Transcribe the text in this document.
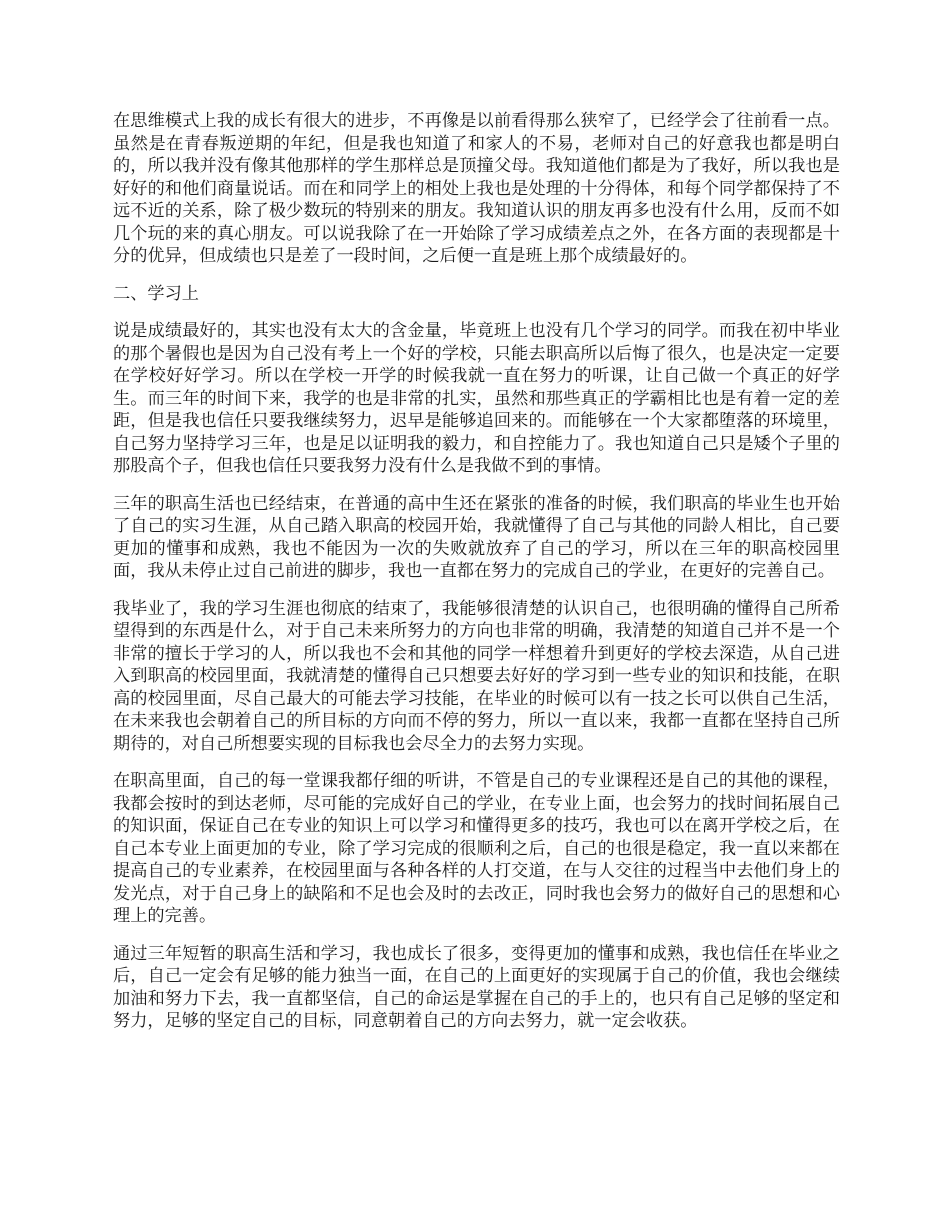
在思维模式上我的成长有很大的进步，不再像是以前看得那么狭窄了，已经学会了往前看一点。虽然是在青春叛逆期的年纪，但是我也知道了和家人的不易，老师对自己的好意我也都是明白的，所以我并没有像其他那样的学生那样总是顶撞父母。我知道他们都是为了我好，所以我也是好好的和他们商量说话。而在和同学上的相处上我也是处理的十分得体，和每个同学都保持了不远不近的关系，除了极少数玩的特别来的朋友。我知道认识的朋友再多也没有什么用，反而不如几个玩的来的真心朋友。可以说我除了在一开始除了学习成绩差点之外，在各方面的表现都是十分的优异，但成绩也只是差了一段时间，之后便一直是班上那个成绩最好的。

二、学习上

说是成绩最好的，其实也没有太大的含金量，毕竟班上也没有几个学习的同学。而我在初中毕业的那个暑假也是因为自己没有考上一个好的学校，只能去职高所以后悔了很久，也是决定一定要在学校好好学习。所以在学校一开学的时候我就一直在努力的听课，让自己做一个真正的好学生。而三年的时间下来，我学的也是非常的扎实，虽然和那些真正的学霸相比也是有着一定的差距，但是我也信任只要我继续努力，迟早是能够追回来的。而能够在一个大家都堕落的环境里，自己努力坚持学习三年，也是足以证明我的毅力，和自控能力了。我也知道自己只是矮个子里的那股高个子，但我也信任只要我努力没有什么是我做不到的事情。

三年的职高生活也已经结束，在普通的高中生还在紧张的准备的时候，我们职高的毕业生也开始了自己的实习生涯，从自己踏入职高的校园开始，我就懂得了自己与其他的同龄人相比，自己要更加的懂事和成熟，我也不能因为一次的失败就放弃了自己的学习，所以在三年的职高校园里面，我从未停止过自己前进的脚步，我也一直都在努力的完成自己的学业，在更好的完善自己。

我毕业了，我的学习生涯也彻底的结束了，我能够很清楚的认识自己，也很明确的懂得自己所希望得到的东西是什么，对于自己未来所努力的方向也非常的明确，我清楚的知道自己并不是一个非常的擅长于学习的人，所以我也不会和其他的同学一样想着升到更好的学校去深造，从自己进入到职高的校园里面，我就清楚的懂得自己只想要去好好的学习到一些专业的知识和技能，在职高的校园里面，尽自己最大的可能去学习技能，在毕业的时候可以有一技之长可以供自己生活，在未来我也会朝着自己的所目标的方向而不停的努力，所以一直以来，我都一直都在坚持自己所期待的，对自己所想要实现的目标我也会尽全力的去努力实现。

在职高里面，自己的每一堂课我都仔细的听讲，不管是自己的专业课程还是自己的其他的课程，我都会按时的到达老师，尽可能的完成好自己的学业，在专业上面，也会努力的找时间拓展自己的知识面，保证自己在专业的知识上可以学习和懂得更多的技巧，我也可以在离开学校之后，在自己本专业上面更加的专业，除了学习完成的很顺利之后，自己的也很是稳定，我一直以来都在提高自己的专业素养，在校园里面与各种各样的人打交道，在与人交往的过程当中去他们身上的发光点，对于自己身上的缺陷和不足也会及时的去改正，同时我也会努力的做好自己的思想和心理上的完善。

通过三年短暂的职高生活和学习，我也成长了很多，变得更加的懂事和成熟，我也信任在毕业之后，自己一定会有足够的能力独当一面，在自己的上面更好的实现属于自己的价值，我也会继续加油和努力下去，我一直都坚信，自己的命运是掌握在自己的手上的，也只有自己足够的坚定和努力，足够的坚定自己的目标，同意朝着自己的方向去努力，就一定会收获。
